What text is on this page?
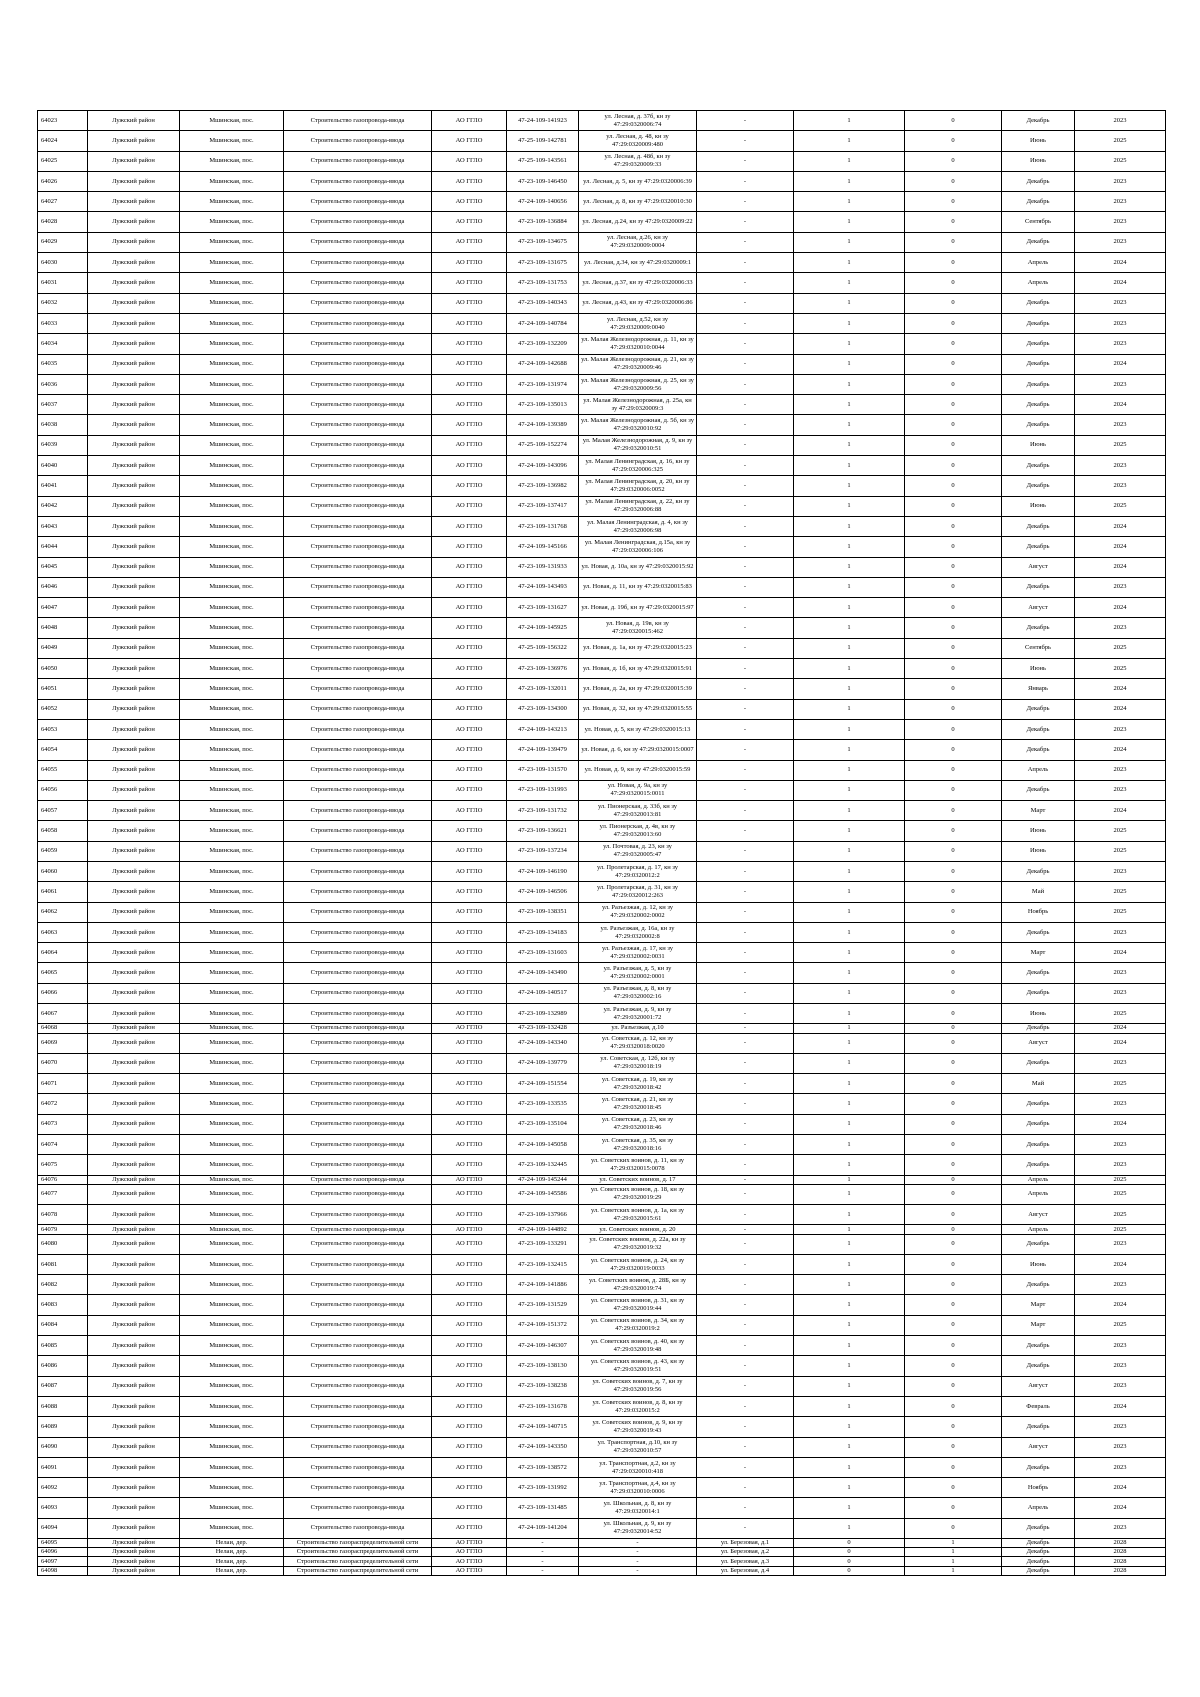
64023	Лужский район	Мшинская, пос.	Строительство газопровода-ввода	АО ГГЛО	47-24-109-141923	ул. Лесная, д. 37б, кн зу 47:29:0320006:74	-	1	0	Декабрь	2023
64024	Лужский район	Мшинская, пос.	Строительство газопровода-ввода	АО ГГЛО	47-25-109-142781	ул. Лесная, д. 48, кн зу 47:29:0320009:480	-	1	0	Июнь	2025
64025	Лужский район	Мшинская, пос.	Строительство газопровода-ввода	АО ГГЛО	47-25-109-143561	ул. Лесная, д. 48б, кн зу 47:29:0320009:33	-	1	0	Июнь	2025
64026	Лужский район	Мшинская, пос.	Строительство газопровода-ввода	АО ГГЛО	47-23-109-146450	ул. Лесная, д. 5, кн зу 47:29:0320006:39	-	1	0	Декабрь	2023
64027	Лужский район	Мшинская, пос.	Строительство газопровода-ввода	АО ГГЛО	47-24-109-140656	ул. Лесная, д. 8, кн зу 47:29:0320010:30	-	1	0	Декабрь	2023
64028	Лужский район	Мшинская, пос.	Строительство газопровода-ввода	АО ГГЛО	47-23-109-136884	ул. Лесная, д.24, кн зу 47:29:0320009:22	-	1	0	Сентябрь	2023
64029	Лужский район	Мшинская, пос.	Строительство газопровода-ввода	АО ГГЛО	47-23-109-134675	ул. Лесная, д.26, кн зу 47:29:0320009:0004	-	1	0	Декабрь	2023
64030	Лужский район	Мшинская, пос.	Строительство газопровода-ввода	АО ГГЛО	47-23-109-131675	ул. Лесная, д.34, кн зу 47:29:0320009:1	-	1	0	Апрель	2024
64031	Лужский район	Мшинская, пос.	Строительство газопровода-ввода	АО ГГЛО	47-23-109-131753	ул. Лесная, д.37, кн зу 47:29:0320006:33	-	1	0	Апрель	2024
64032	Лужский район	Мшинская, пос.	Строительство газопровода-ввода	АО ГГЛО	47-23-109-140343	ул. Лесная, д.43, кн зу 47:29:0320006:86	-	1	0	Декабрь	2023
64033	Лужский район	Мшинская, пос.	Строительство газопровода-ввода	АО ГГЛО	47-24-109-140784	ул. Лесная, д.52, кн зу 47:29:0320009:0040	-	1	0	Декабрь	2023
64034	Лужский район	Мшинская, пос.	Строительство газопровода-ввода	АО ГГЛО	47-23-109-132209	ул. Малая Железнодорожная, д. 11, кн зу 47:29:0320010:0044	-	1	0	Декабрь	2023
64035	Лужский район	Мшинская, пос.	Строительство газопровода-ввода	АО ГГЛО	47-24-109-142688	ул. Малая Железнодорожная, д. 21, кн зу 47:29:0320009:46	-	1	0	Декабрь	2024
64036	Лужский район	Мшинская, пос.	Строительство газопровода-ввода	АО ГГЛО	47-23-109-131974	ул. Малая Железнодорожная, д. 25, кн зу 47:29:0320009:56	-	1	0	Декабрь	2023
64037	Лужский район	Мшинская, пос.	Строительство газопровода-ввода	АО ГГЛО	47-23-109-135013	ул. Малая Железнодорожная, д. 25а, кн зу 47:29:0320009:3	-	1	0	Декабрь	2024
64038	Лужский район	Мшинская, пос.	Строительство газопровода-ввода	АО ГГЛО	47-24-109-139389	ул. Малая Железнодорожная, д. 5б, кн зу 47:29:0320010:92	-	1	0	Декабрь	2023
64039	Лужский район	Мшинская, пос.	Строительство газопровода-ввода	АО ГГЛО	47-25-109-152274	ул. Малая Железнодорожная, д. 9, кн зу 47:29:0320010:51	-	1	0	Июнь	2025
64040	Лужский район	Мшинская, пос.	Строительство газопровода-ввода	АО ГГЛО	47-24-109-143096	ул. Малая Ленинградская, д. 16, кн зу 47:29:0320006:325	-	1	0	Декабрь	2023
64041	Лужский район	Мшинская, пос.	Строительство газопровода-ввода	АО ГГЛО	47-23-109-136982	ул. Малая Ленинградская, д. 20, кн зу 47:29:0320006:0052	-	1	0	Декабрь	2023
64042	Лужский район	Мшинская, пос.	Строительство газопровода-ввода	АО ГГЛО	47-23-109-137417	ул. Малая Ленинградская, д. 22, кн зу 47:29:0320006:88	-	1	0	Июнь	2025
64043	Лужский район	Мшинская, пос.	Строительство газопровода-ввода	АО ГГЛО	47-23-109-131768	ул. Малая Ленинградская, д. 4, кн зу 47:29:0320006:98	-	1	0	Декабрь	2024
64044	Лужский район	Мшинская, пос.	Строительство газопровода-ввода	АО ГГЛО	47-24-109-145166	ул. Малая Ленинградская, д.15а, кн зу 47:29:0320006:106	-	1	0	Декабрь	2024
64045	Лужский район	Мшинская, пос.	Строительство газопровода-ввода	АО ГГЛО	47-23-109-131933	ул. Новая, д. 10а, кн зу 47:29:0320015:92	-	1	0	Август	2024
64046	Лужский район	Мшинская, пос.	Строительство газопровода-ввода	АО ГГЛО	47-24-109-143493	ул. Новая, д. 11, кн зу 47:29:0320015:83	-	1	0	Декабрь	2023
64047	Лужский район	Мшинская, пос.	Строительство газопровода-ввода	АО ГГЛО	47-23-109-131627	ул. Новая, д. 19б, кн зу 47:29:0320015:97	-	1	0	Август	2024
64048	Лужский район	Мшинская, пос.	Строительство газопровода-ввода	АО ГГЛО	47-24-109-145925	ул. Новая, д. 19в, кн зу 47:29:0320015:462	-	1	0	Декабрь	2023
64049	Лужский район	Мшинская, пос.	Строительство газопровода-ввода	АО ГГЛО	47-25-109-156322	ул. Новая, д. 1а, кн зу 47:29:0320015:23	-	1	0	Сентябрь	2025
64050	Лужский район	Мшинская, пос.	Строительство газопровода-ввода	АО ГГЛО	47-23-109-136976	ул. Новая, д. 1б, кн зу 47:29:0320015:91	-	1	0	Июнь	2025
64051	Лужский район	Мшинская, пос.	Строительство газопровода-ввода	АО ГГЛО	47-23-109-132011	ул. Новая, д. 2а, кн зу 47:29:0320015:39	-	1	0	Январь	2024
64052	Лужский район	Мшинская, пос.	Строительство газопровода-ввода	АО ГГЛО	47-23-109-134300	ул. Новая, д. 32, кн зу 47:29:0320015:55	-	1	0	Декабрь	2024
64053	Лужский район	Мшинская, пос.	Строительство газопровода-ввода	АО ГГЛО	47-24-109-143213	ул. Новая, д. 5, кн зу 47:29:0320015:13	-	1	0	Декабрь	2023
64054	Лужский район	Мшинская, пос.	Строительство газопровода-ввода	АО ГГЛО	47-24-109-139479	ул. Новая, д. 6, кн зу 47:29:0320015:0007	-	1	0	Декабрь	2024
64055	Лужский район	Мшинская, пос.	Строительство газопровода-ввода	АО ГГЛО	47-23-109-131570	ул. Новая, д. 9, кн зу 47:29:0320015:59	-	1	0	Апрель	2023
64056	Лужский район	Мшинская, пос.	Строительство газопровода-ввода	АО ГГЛО	47-23-109-131993	ул. Новая, д. 9а, кн зу 47:29:0320015:0011	-	1	0	Декабрь	2023
64057	Лужский район	Мшинская, пос.	Строительство газопровода-ввода	АО ГГЛО	47-23-109-131732	ул. Пионерская, д. 33б, кн зу 47:29:0320013:81	-	1	0	Март	2024
64058	Лужский район	Мшинская, пос.	Строительство газопровода-ввода	АО ГГЛО	47-23-109-136621	ул. Пионерская, д. 4в, кн зу 47:29:0320013:60	-	1	0	Июнь	2025
64059	Лужский район	Мшинская, пос.	Строительство газопровода-ввода	АО ГГЛО	47-23-109-137234	ул. Почтовая, д. 23, кн зу 47:29:0320005:47	-	1	0	Июнь	2025
64060	Лужский район	Мшинская, пос.	Строительство газопровода-ввода	АО ГГЛО	47-24-109-146190	ул. Пролетарская, д. 17, кн зу 47:29:0320012:2	-	1	0	Декабрь	2023
64061	Лужский район	Мшинская, пос.	Строительство газопровода-ввода	АО ГГЛО	47-24-109-146506	ул. Пролетарская, д. 31, кн зу 47:29:0320012:263	-	1	0	Май	2025
64062	Лужский район	Мшинская, пос.	Строительство газопровода-ввода	АО ГГЛО	47-23-109-138351	ул. Разъезжая, д. 12, кн зу 47:29:0320002:0002	-	1	0	Ноябрь	2025
64063	Лужский район	Мшинская, пос.	Строительство газопровода-ввода	АО ГГЛО	47-23-109-134183	ул. Разъезжая, д. 16а, кн зу 47:29:0320002:8	-	1	0	Декабрь	2023
64064	Лужский район	Мшинская, пос.	Строительство газопровода-ввода	АО ГГЛО	47-23-109-131603	ул. Разъезжая, д. 17, кн зу 47:29:0320002:0031	-	1	0	Март	2024
64065	Лужский район	Мшинская, пос.	Строительство газопровода-ввода	АО ГГЛО	47-24-109-143490	ул. Разъезжая, д. 5, кн зу 47:29:0320002:0001	-	1	0	Декабрь	2023
64066	Лужский район	Мшинская, пос.	Строительство газопровода-ввода	АО ГГЛО	47-24-109-140517	ул. Разъезжая, д. 8, кн зу 47:29:0320002:16	-	1	0	Декабрь	2023
64067	Лужский район	Мшинская, пос.	Строительство газопровода-ввода	АО ГГЛО	47-23-109-132989	ул. Разъезжая, д. 9, кн зу 47:29:0320001:72	-	1	0	Июнь	2025
64068	Лужский район	Мшинская, пос.	Строительство газопровода-ввода	АО ГГЛО	47-23-109-132428	ул. Разъезжая, д.10	-	1	0	Декабрь	2024
64069	Лужский район	Мшинская, пос.	Строительство газопровода-ввода	АО ГГЛО	47-24-109-143340	ул. Советская, д. 12, кн зу 47:29:0320018:0020	-	1	0	Август	2024
64070	Лужский район	Мшинская, пос.	Строительство газопровода-ввода	АО ГГЛО	47-24-109-139779	ул. Советская, д. 12б, кн зу 47:29:0320018:19	-	1	0	Декабрь	2023
64071	Лужский район	Мшинская, пос.	Строительство газопровода-ввода	АО ГГЛО	47-24-109-151554	ул. Советская, д. 19, кн зу 47:29:0320018:42	-	1	0	Май	2025
64072	Лужский район	Мшинская, пос.	Строительство газопровода-ввода	АО ГГЛО	47-23-109-133535	ул. Советская, д. 21, кн зу 47:29:0320018:45	-	1	0	Декабрь	2023
64073	Лужский район	Мшинская, пос.	Строительство газопровода-ввода	АО ГГЛО	47-23-109-135104	ул. Советская, д. 23, кн зу 47:29:0320018:46	-	1	0	Декабрь	2024
64074	Лужский район	Мшинская, пос.	Строительство газопровода-ввода	АО ГГЛО	47-24-109-145058	ул. Советская, д. 35, кн зу 47:29:0320018:16	-	1	0	Декабрь	2023
64075	Лужский район	Мшинская, пос.	Строительство газопровода-ввода	АО ГГЛО	47-23-109-132445	ул. Советских воинов, д. 11, кн зу 47:29:0320015:0078	-	1	0	Декабрь	2023
64076	Лужский район	Мшинская, пос.	Строительство газопровода-ввода	АО ГГЛО	47-24-109-145244	ул. Советских воинов, д. 17	-	1	0	Апрель	2025
64077	Лужский район	Мшинская, пос.	Строительство газопровода-ввода	АО ГГЛО	47-24-109-145586	ул. Советских воинов, д. 18, кн зу 47:29:0320019:29	-	1	0	Апрель	2025
64078	Лужский район	Мшинская, пос.	Строительство газопровода-ввода	АО ГГЛО	47-23-109-137966	ул. Советских воинов, д. 1а, кн зу 47:29:0320015:61	-	1	0	Август	2025
64079	Лужский район	Мшинская, пос.	Строительство газопровода-ввода	АО ГГЛО	47-24-109-144892	ул. Советских воинов, д. 20	-	1	0	Апрель	2025
64080	Лужский район	Мшинская, пос.	Строительство газопровода-ввода	АО ГГЛО	47-23-109-133291	ул. Советских воинов, д. 22а, кн зу 47:29:0320019:32	-	1	0	Декабрь	2023
64081	Лужский район	Мшинская, пос.	Строительство газопровода-ввода	АО ГГЛО	47-23-109-132415	ул. Советских воинов, д. 24, кн зу 47:29:0320019:0033	-	1	0	Июнь	2024
64082	Лужский район	Мшинская, пос.	Строительство газопровода-ввода	АО ГГЛО	47-24-109-141886	ул. Советских воинов, д. 28Б, кн зу 47:29:0320019:74	-	1	0	Декабрь	2023
64083	Лужский район	Мшинская, пос.	Строительство газопровода-ввода	АО ГГЛО	47-23-109-131529	ул. Советских воинов, д. 31, кн зу 47:29:0320019:44	-	1	0	Март	2024
64084	Лужский район	Мшинская, пос.	Строительство газопровода-ввода	АО ГГЛО	47-24-109-151372	ул. Советских воинов, д. 34, кн зу 47:29:0320019:2	-	1	0	Март	2025
64085	Лужский район	Мшинская, пос.	Строительство газопровода-ввода	АО ГГЛО	47-24-109-146307	ул. Советских воинов, д. 40, кн зу 47:29:0320019:48	-	1	0	Декабрь	2023
64086	Лужский район	Мшинская, пос.	Строительство газопровода-ввода	АО ГГЛО	47-23-109-138130	ул. Советских воинов, д. 43, кн зу 47:29:0320019:51	-	1	0	Декабрь	2023
64087	Лужский район	Мшинская, пос.	Строительство газопровода-ввода	АО ГГЛО	47-23-109-138238	ул. Советских воинов, д. 7, кн зу 47:29:0320019:56	-	1	0	Август	2023
64088	Лужский район	Мшинская, пос.	Строительство газопровода-ввода	АО ГГЛО	47-23-109-131678	ул. Советских воинов, д. 8, кн зу 47:29:0320015:2	-	1	0	Февраль	2024
64089	Лужский район	Мшинская, пос.	Строительство газопровода-ввода	АО ГГЛО	47-24-109-140715	ул. Советских воинов, д. 9, кн зу 47:29:0320019:43	-	1	0	Декабрь	2023
64090	Лужский район	Мшинская, пос.	Строительство газопровода-ввода	АО ГГЛО	47-24-109-143350	ул. Транспортная, д.10, кн зу 47:29:0320010:57	-	1	0	Август	2023
64091	Лужский район	Мшинская, пос.	Строительство газопровода-ввода	АО ГГЛО	47-23-109-138572	ул. Транспортная, д.2, кн зу 47:29:0320010:418	-	1	0	Декабрь	2023
64092	Лужский район	Мшинская, пос.	Строительство газопровода-ввода	АО ГГЛО	47-23-109-131992	ул. Транспортная, д.4, кн зу 47:29:0320010:0006	-	1	0	Ноябрь	2024
64093	Лужский район	Мшинская, пос.	Строительство газопровода-ввода	АО ГГЛО	47-23-109-131485	ул. Школьная, д. 8, кн зу 47:29:0320014:1	-	1	0	Апрель	2024
64094	Лужский район	Мшинская, пос.	Строительство газопровода-ввода	АО ГГЛО	47-24-109-141204	ул. Школьная, д. 9, кн зу 47:29:0320014:52	-	1	0	Декабрь	2023
64095	Лужский район	Нелаи, дер.	Строительство газораспределительной сети	АО ГГЛО	-	-	ул. Березовая, д.1	0	1	Декабрь	2028
64096	Лужский район	Нелаи, дер.	Строительство газораспределительной сети	АО ГГЛО	-	-	ул. Березовая, д.2	0	1	Декабрь	2028
64097	Лужский район	Нелаи, дер.	Строительство газораспределительной сети	АО ГГЛО	-	-	ул. Березовая, д.3	0	1	Декабрь	2028
64098	Лужский район	Нелаи, дер.	Строительство газораспределительной сети	АО ГГЛО	-	-	ул. Березовая, д.4	0	1	Декабрь	2028
